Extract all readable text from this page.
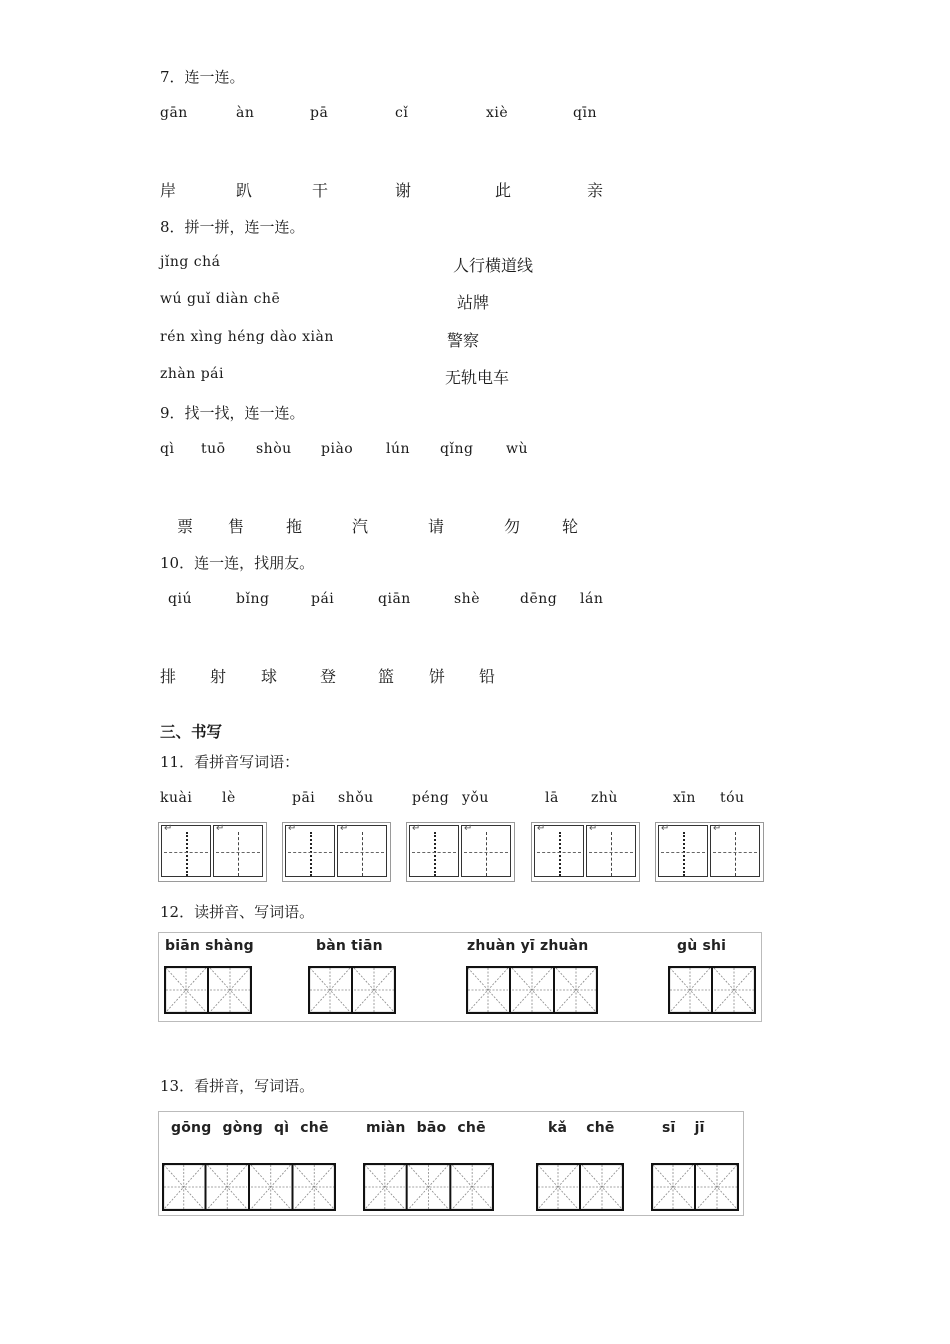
7．连一连。
gān	àn	pā	cǐ	xiè	qīn
岸	趴	干	谢	此	亲
8．拼一拼，连一连。
jǐng chá
wú guǐ diàn chē
rén xìng héng dào xiàn
zhàn pái
人行横道线
站牌
警察
无轨电车
9．找一找，连一连。
qì tuō shòu piào lún qǐng wù
票 售	拖	汽	请	勿	轮
10．连一连，找朋友。
qiú	bǐng	pái	qiān	shè	dēng lán
排 射 球	登	篮 饼 铅
三、书写
11．看拼音写词语：
kuài lè	pāi shǒu	péng yǒu	lā zhù	xīn tóu
↵	↵	↵	↵	↵	↵	↵	↵	↵	↵
12．读拼音、写词语。
biān shàng	bàn tiān	zhuàn yī zhuàn	gù shi
13．看拼音，写词语。
gōng gòng qì chē	miàn bāo chē	kǎ chē	sī jī
